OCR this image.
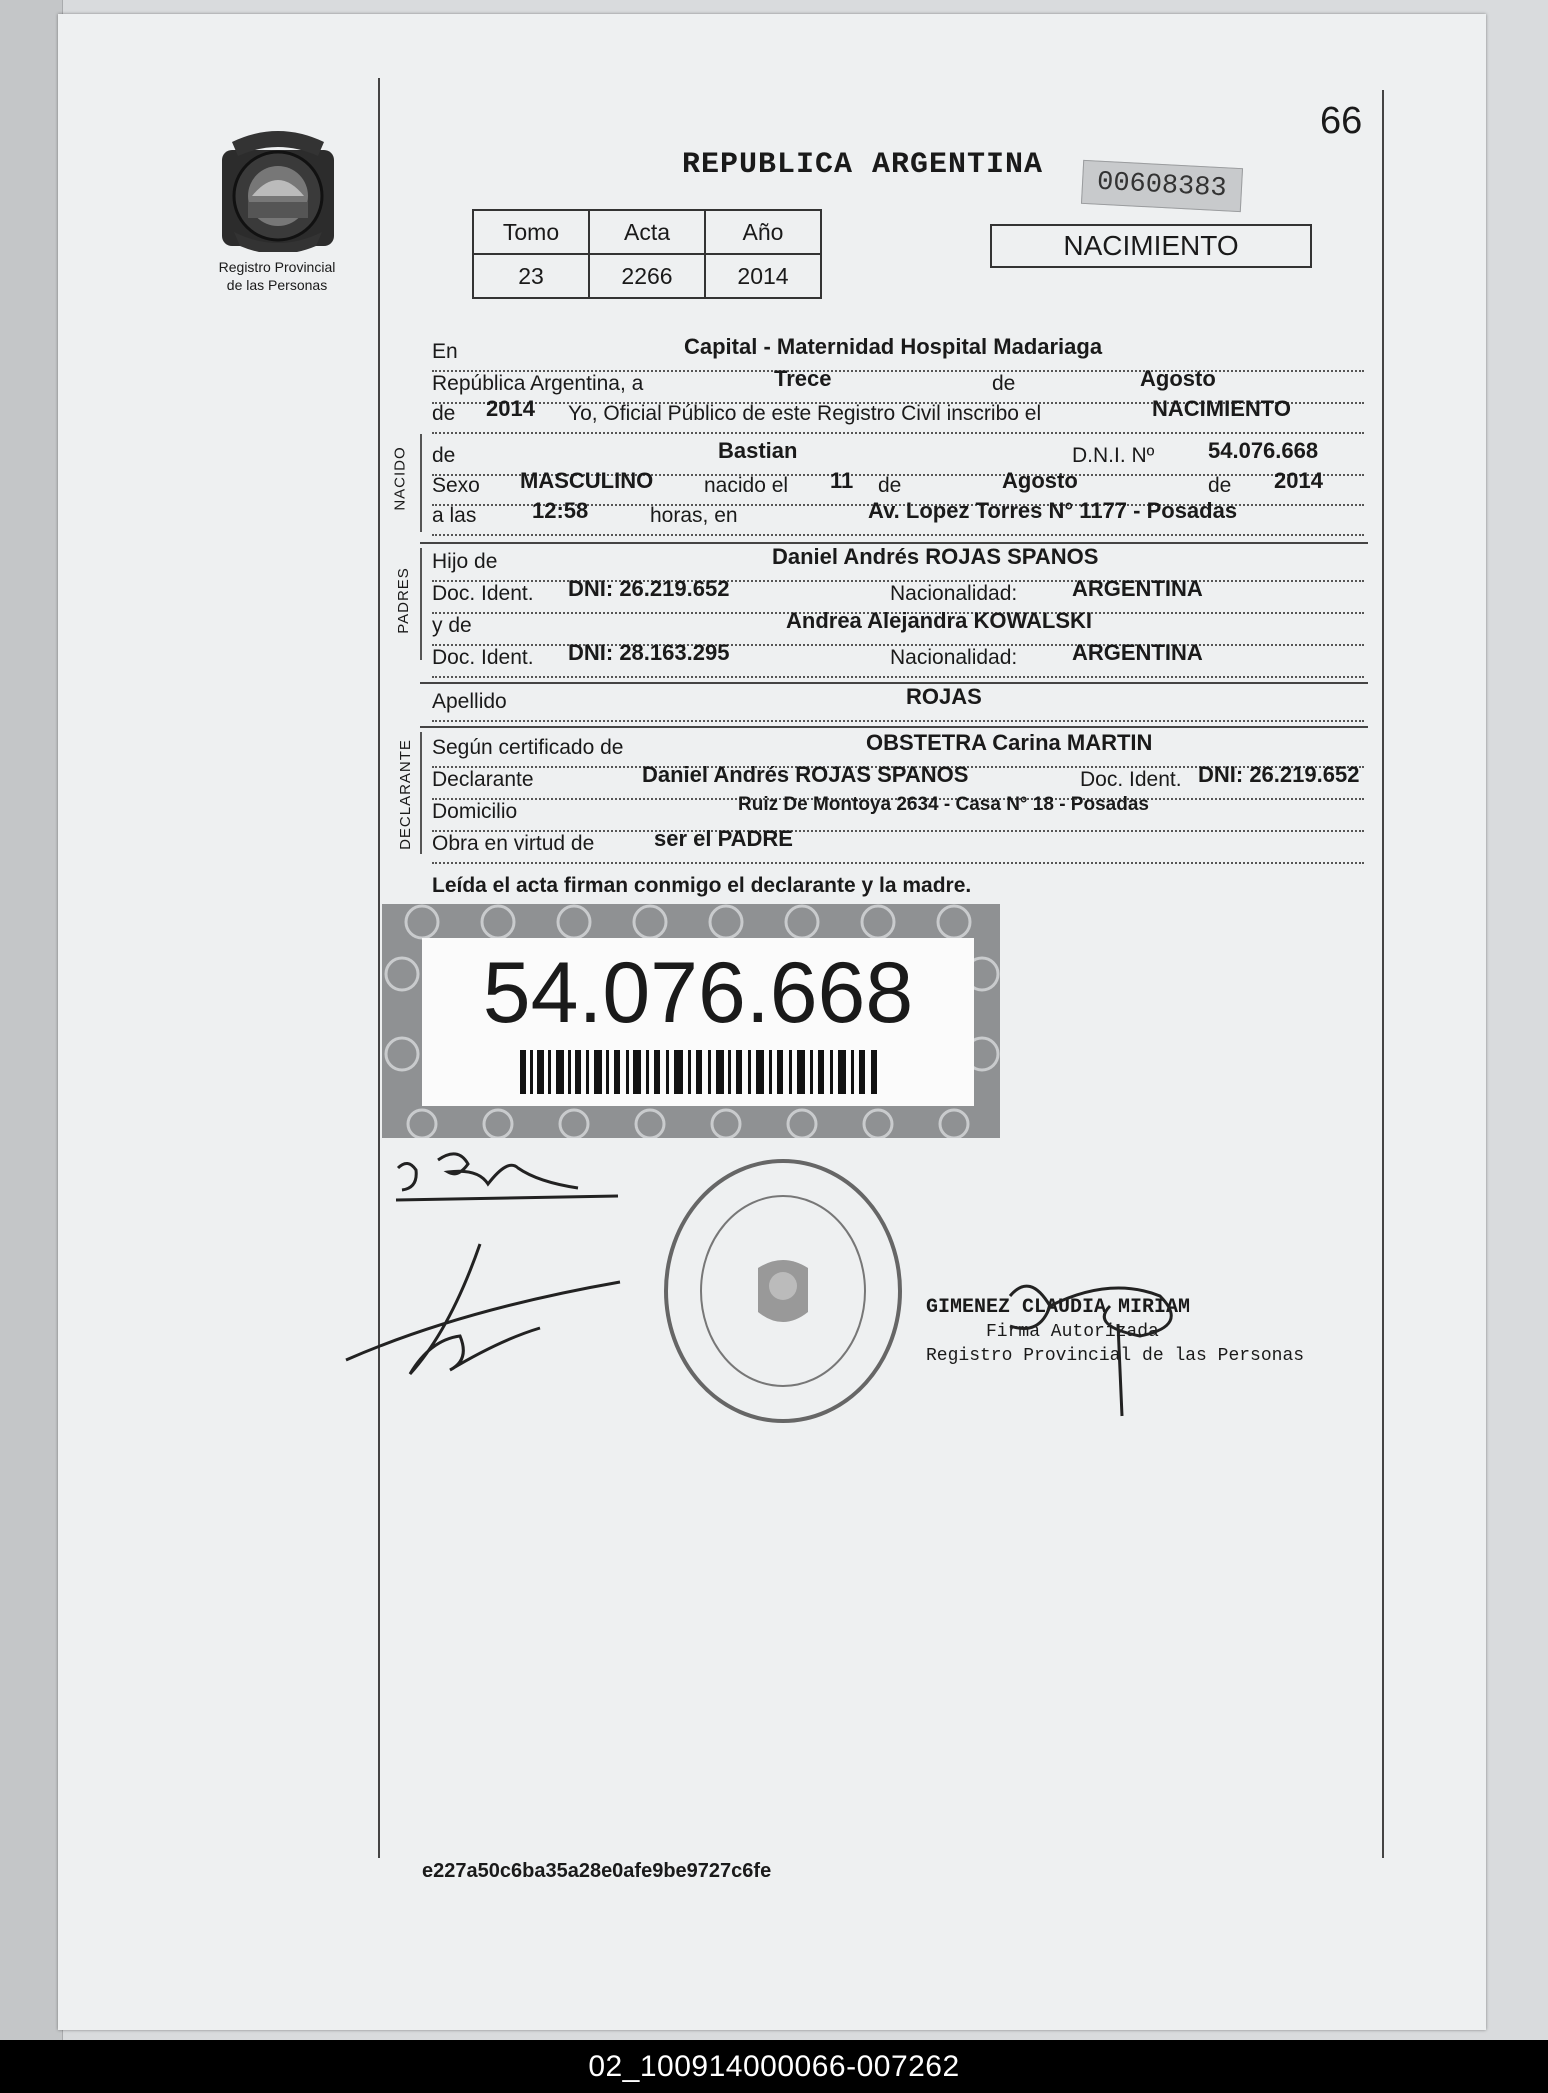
66
Registro Provincial
de las Personas
REPUBLICA ARGENTINA
00608383
Tomo	Acta	Año
23	2266	2014
NACIMIENTO
En	Capital - Maternidad Hospital Madariaga
República Argentina, a	Trece	de	Agosto
de 2014 Yo, Oficial Público de este Registro Civil inscribo el	NACIMIENTO
NACIDO de	Bastian	D.N.I. Nº 54.076.668
Sexo MASCULINO nacido el 11 de	Agosto	de 2014
a las	12:58	horas, en	Av. Lopez Torres N° 1177 - Posadas
PADRES
Hijo de	Daniel Andrés ROJAS SPANOS
Doc. Ident. DNI: 26.219.652	Nacionalidad: ARGENTINA
y de	Andrea Alejandra KOWALSKI
Doc. Ident. DNI: 28.163.295	Nacionalidad: ARGENTINA
Apellido	ROJAS
DECLARANTE Según certificado de	OBSTETRA Carina MARTIN
Declarante	Daniel Andrés ROJAS SPANOS	Doc. Ident. DNI: 26.219.652
Domicilio	Ruiz De Montoya 2634 - Casa N° 18 - Posadas
Obra en virtud de	ser el PADRE
Leída el acta firman conmigo el declarante y la madre.
54.076.668
GIMENEZ CLAUDIA MIRIAM
Firma Autorizada
Registro Provincial de las Personas
e227a50c6ba35a28e0afe9be9727c6fe
02_100914000066-007262
